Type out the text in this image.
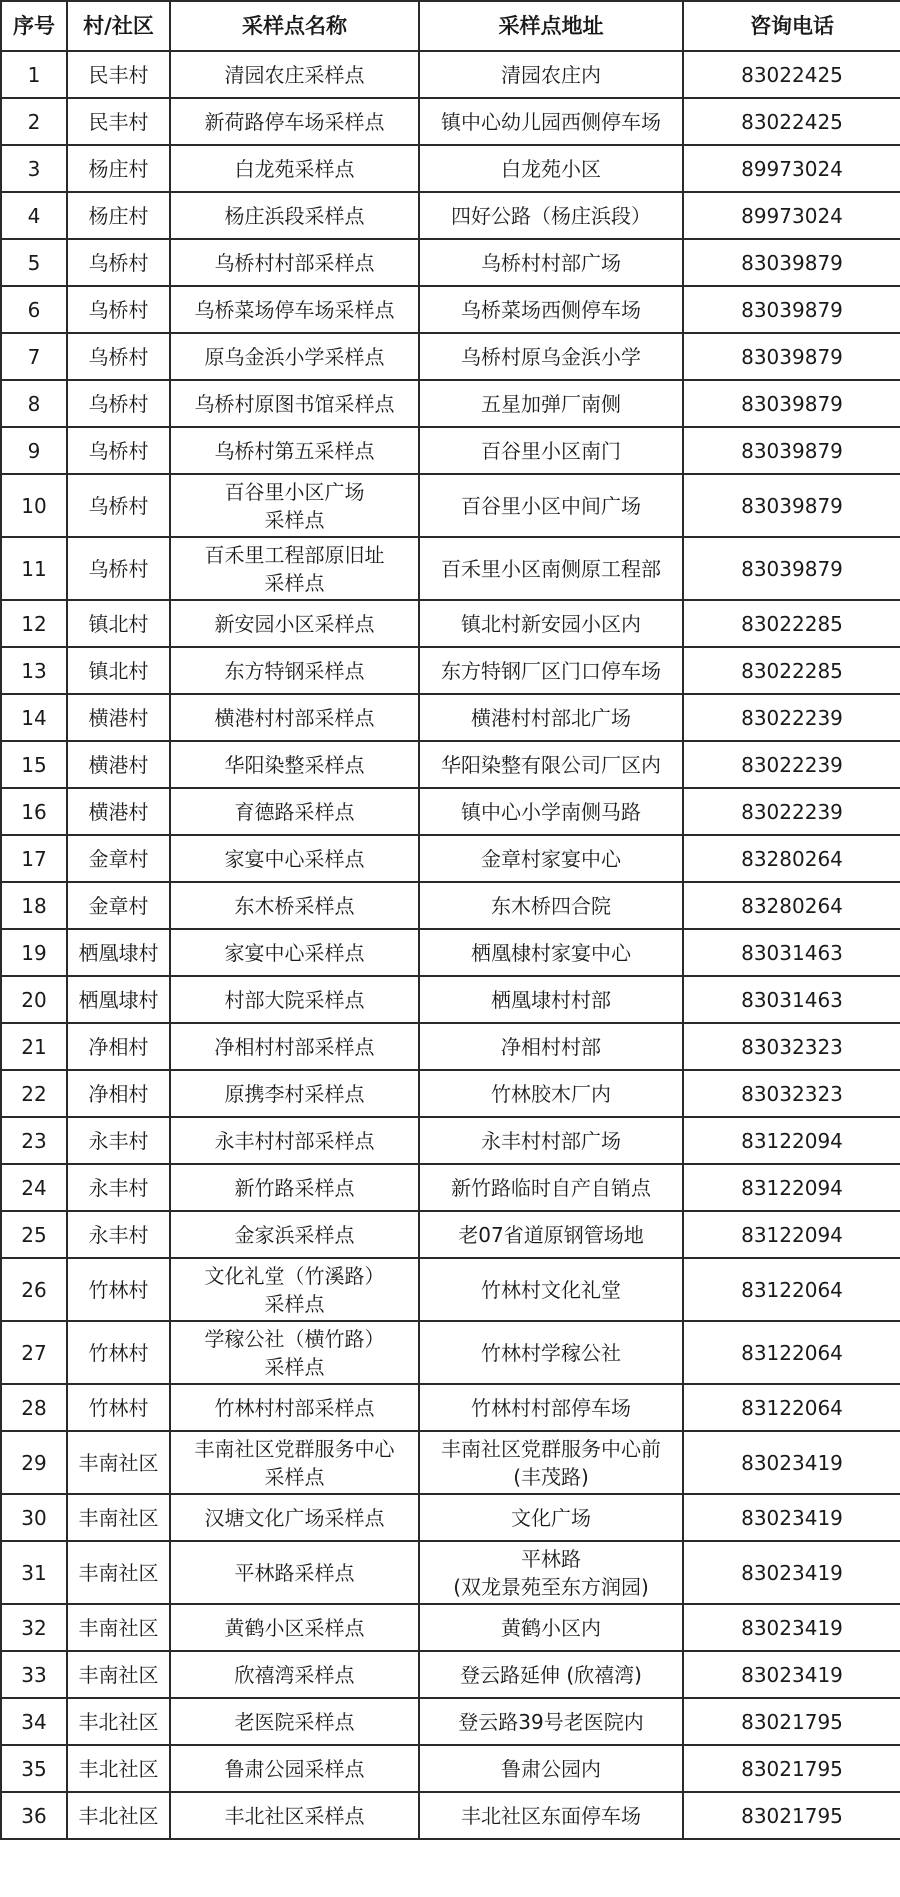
序号	村/社区	采样点名称	采样点地址	咨询电话
1	民丰村	清园农庄采样点	清园农庄内	83022425
2	民丰村	新荷路停车场采样点	镇中心幼儿园西侧停车场	83022425
3	杨庄村	白龙苑采样点	白龙苑小区	89973024
4	杨庄村	杨庄浜段采样点	四好公路（杨庄浜段）	89973024
5	乌桥村	乌桥村村部采样点	乌桥村村部广场	83039879
6	乌桥村	乌桥菜场停车场采样点	乌桥菜场西侧停车场	83039879
7	乌桥村	原乌金浜小学采样点	乌桥村原乌金浜小学	83039879
8	乌桥村	乌桥村原图书馆采样点	五星加弹厂南侧	83039879
9	乌桥村	乌桥村第五采样点	百谷里小区南门	83039879
10	乌桥村	百谷里小区广场
采样点	百谷里小区中间广场	83039879
11	乌桥村	百禾里工程部原旧址
采样点	百禾里小区南侧原工程部	83039879
12	镇北村	新安园小区采样点	镇北村新安园小区内	83022285
13	镇北村	东方特钢采样点	东方特钢厂区门口停车场	83022285
14	横港村	横港村村部采样点	横港村村部北广场	83022239
15	横港村	华阳染整采样点	华阳染整有限公司厂区内	83022239
16	横港村	育德路采样点	镇中心小学南侧马路	83022239
17	金章村	家宴中心采样点	金章村家宴中心	83280264
18	金章村	东木桥采样点	东木桥四合院	83280264
19	栖凰埭村	家宴中心采样点	栖凰棣村家宴中心	83031463
20	栖凰埭村	村部大院采样点	栖凰埭村村部	83031463
21	净相村	净相村村部采样点	净相村村部	83032323
22	净相村	原携李村采样点	竹林胶木厂内	83032323
23	永丰村	永丰村村部采样点	永丰村村部广场	83122094
24	永丰村	新竹路采样点	新竹路临时自产自销点	83122094
25	永丰村	金家浜采样点	老07省道原钢管场地	83122094
26	竹林村	文化礼堂（竹溪路）
采样点	竹林村文化礼堂	83122064
27	竹林村	学稼公社（横竹路）
采样点	竹林村学稼公社	83122064
28	竹林村	竹林村村部采样点	竹林村村部停车场	83122064
29	丰南社区	丰南社区党群服务中心
采样点	丰南社区党群服务中心前
(丰茂路)	83023419
30	丰南社区	汉塘文化广场采样点	文化广场	83023419
31	丰南社区	平林路采样点	平林路
(双龙景苑至东方润园)	83023419
32	丰南社区	黄鹤小区采样点	黄鹤小区内	83023419
33	丰南社区	欣禧湾采样点	登云路延伸 (欣禧湾)	83023419
34	丰北社区	老医院采样点	登云路39号老医院内	83021795
35	丰北社区	鲁肃公园采样点	鲁肃公园内	83021795
36	丰北社区	丰北社区采样点	丰北社区东面停车场	83021795
